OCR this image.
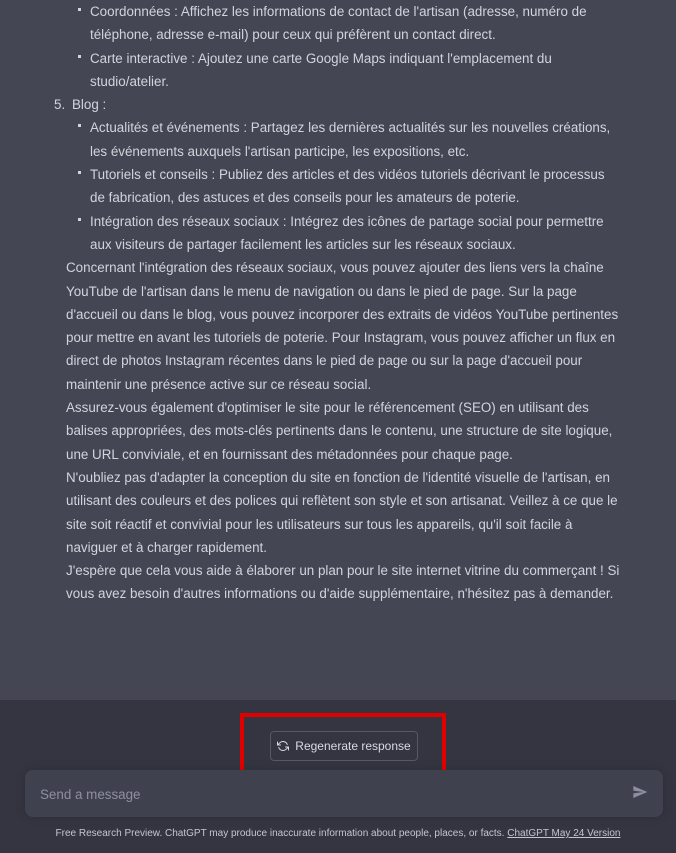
Coordonnées : Affichez les informations de contact de l'artisan (adresse, numéro de téléphone, adresse e-mail) pour ceux qui préfèrent un contact direct.
Carte interactive : Ajoutez une carte Google Maps indiquant l'emplacement du studio/atelier.
5. Blog :
Actualités et événements : Partagez les dernières actualités sur les nouvelles créations, les événements auxquels l'artisan participe, les expositions, etc.
Tutoriels et conseils : Publiez des articles et des vidéos tutoriels décrivant le processus de fabrication, des astuces et des conseils pour les amateurs de poterie.
Intégration des réseaux sociaux : Intégrez des icônes de partage social pour permettre aux visiteurs de partager facilement les articles sur les réseaux sociaux.

Concernant l'intégration des réseaux sociaux, vous pouvez ajouter des liens vers la chaîne YouTube de l'artisan dans le menu de navigation ou dans le pied de page. Sur la page d'accueil ou dans le blog, vous pouvez incorporer des extraits de vidéos YouTube pertinentes pour mettre en avant les tutoriels de poterie. Pour Instagram, vous pouvez afficher un flux en direct de photos Instagram récentes dans le pied de page ou sur la page d'accueil pour maintenir une présence active sur ce réseau social.

Assurez-vous également d'optimiser le site pour le référencement (SEO) en utilisant des balises appropriées, des mots-clés pertinents dans le contenu, une structure de site logique, une URL conviviale, et en fournissant des métadonnées pour chaque page.

N'oubliez pas d'adapter la conception du site en fonction de l'identité visuelle de l'artisan, en utilisant des couleurs et des polices qui reflètent son style et son artisanat. Veillez à ce que le site soit réactif et convivial pour les utilisateurs sur tous les appareils, qu'il soit facile à naviguer et à charger rapidement.

J'espère que cela vous aide à élaborer un plan pour le site internet vitrine du commerçant ! Si vous avez besoin d'autres informations ou d'aide supplémentaire, n'hésitez pas à demander.

Regenerate response
Send a message
Free Research Preview. ChatGPT may produce inaccurate information about people, places, or facts. ChatGPT May 24 Version
